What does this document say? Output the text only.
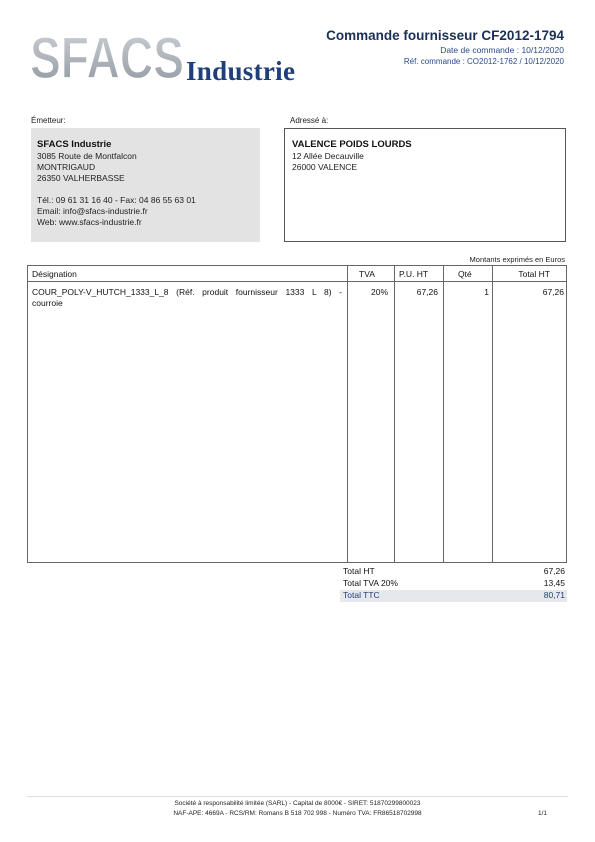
SFACS Industrie
Commande fournisseur CF2012-1794
Date de commande : 10/12/2020
Réf. commande : CO2012-1762 / 10/12/2020
Émetteur:
SFACS Industrie
3085 Route de Montfalcon
MONTRIGAUD
26350 VALHERBASSE
Tél.: 09 61 31 16 40 - Fax: 04 86 55 63 01
Email: info@sfacs-industrie.fr
Web: www.sfacs-industrie.fr
Adressé à:
VALENCE POIDS LOURDS
12 Allée Decauville
26000 VALENCE
Montants exprimés en Euros
Désignation	TVA	P.U. HT	Qté	Total HT
COUR_POLY-V_HUTCH_1333_L_8 (Réf. produit fournisseur 1333 L 8) -
courroie
20%	67,26	1	67,26
Total HT	67,26
Total TVA 20%	13,45
Total TTC	80,71
Société à responsabilité limitée (SARL) - Capital de 8000€ - SIRET: 51870299800023
NAF-APE: 4669A - RCS/RM: Romans B 518 702 998 - Numéro TVA: FR86518702998	1/1
